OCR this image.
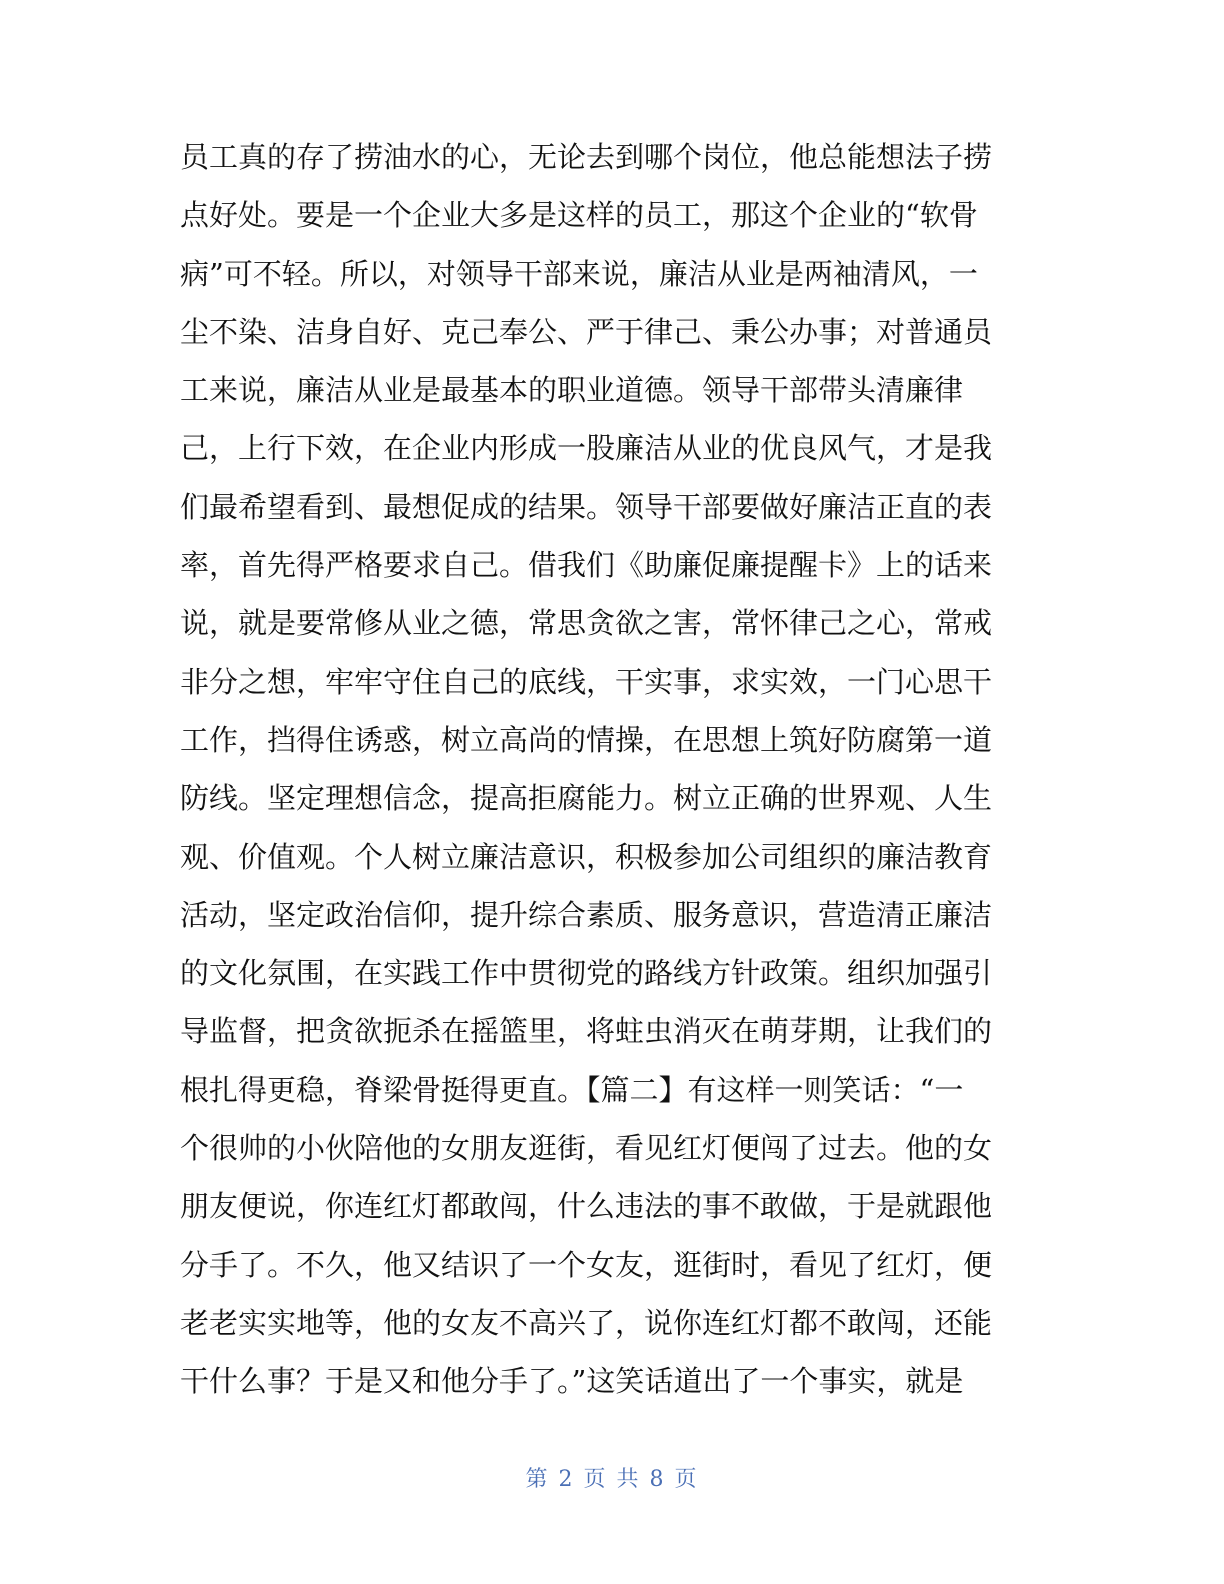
员工真的存了捞油水的心，无论去到哪个岗位，他总能想法子捞
点好处。要是一个企业大多是这样的员工，那这个企业的“软骨
病”可不轻。所以，对领导干部来说，廉洁从业是两袖清风，一
尘不染、洁身自好、克己奉公、严于律己、秉公办事；对普通员
工来说，廉洁从业是最基本的职业道德。领导干部带头清廉律
己，上行下效，在企业内形成一股廉洁从业的优良风气，才是我
们最希望看到、最想促成的结果。领导干部要做好廉洁正直的表
率，首先得严格要求自己。借我们《助廉促廉提醒卡》上的话来
说，就是要常修从业之德，常思贪欲之害，常怀律己之心，常戒
非分之想，牢牢守住自己的底线，干实事，求实效，一门心思干
工作，挡得住诱惑，树立高尚的情操，在思想上筑好防腐第一道
防线。坚定理想信念，提高拒腐能力。树立正确的世界观、人生
观、价值观。个人树立廉洁意识，积极参加公司组织的廉洁教育
活动，坚定政治信仰，提升综合素质、服务意识，营造清正廉洁
的文化氛围，在实践工作中贯彻党的路线方针政策。组织加强引
导监督，把贪欲扼杀在摇篮里，将蛀虫消灭在萌芽期，让我们的
根扎得更稳，脊梁骨挺得更直。【篇二】有这样一则笑话：“一
个很帅的小伙陪他的女朋友逛街，看见红灯便闯了过去。他的女
朋友便说，你连红灯都敢闯，什么违法的事不敢做，于是就跟他
分手了。不久，他又结识了一个女友，逛街时，看见了红灯，便
老老实实地等，他的女友不高兴了，说你连红灯都不敢闯，还能
干什么事？于是又和他分手了。”这笑话道出了一个事实，就是
第 2 页 共 8 页
